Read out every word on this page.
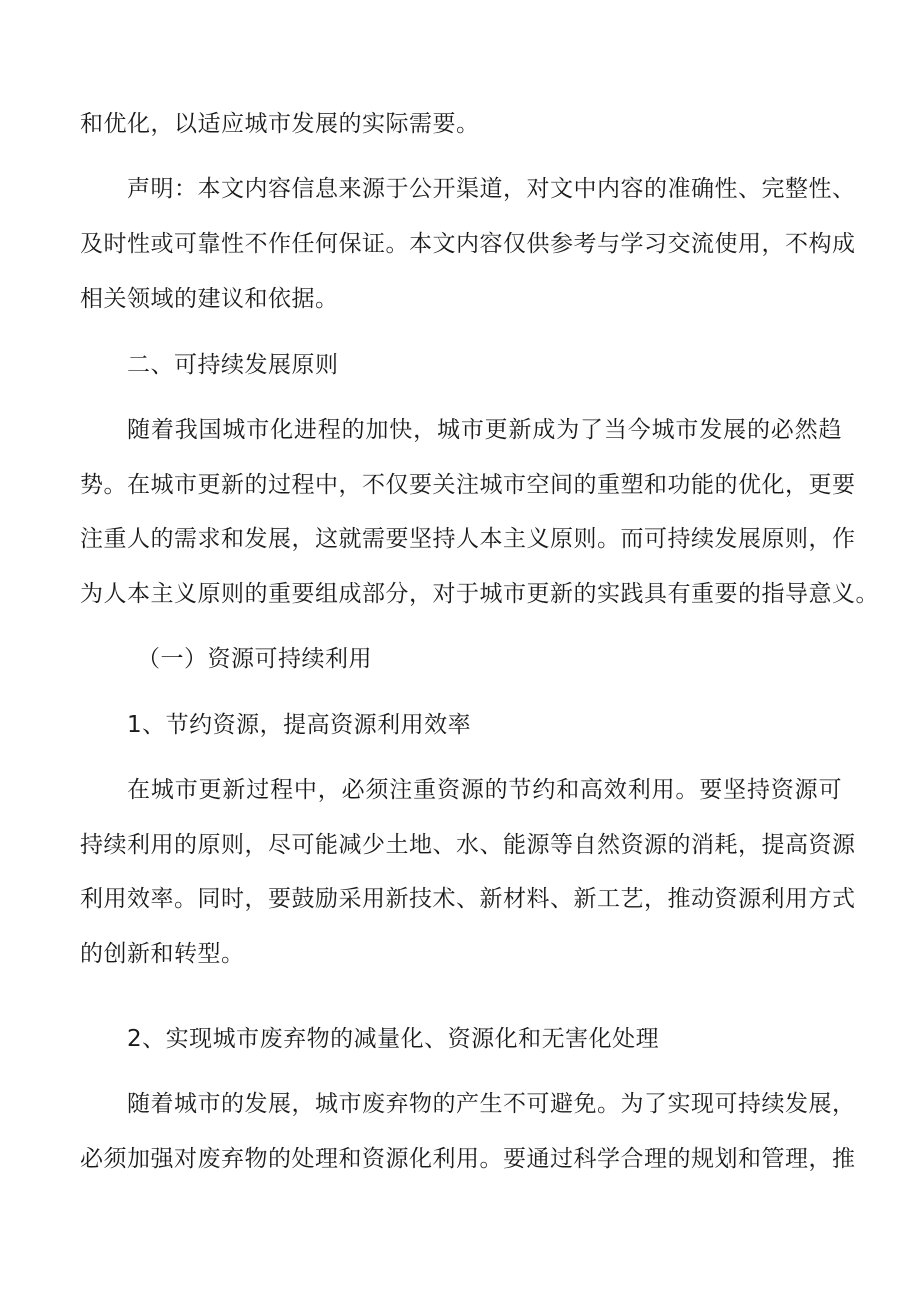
和优化，以适应城市发展的实际需要。
声明：本文内容信息来源于公开渠道，对文中内容的准确性、完整性、
及时性或可靠性不作任何保证。本文内容仅供参考与学习交流使用，不构成
相关领域的建议和依据。
二、可持续发展原则
随着我国城市化进程的加快，城市更新成为了当今城市发展的必然趋
势。在城市更新的过程中，不仅要关注城市空间的重塑和功能的优化，更要
注重人的需求和发展，这就需要坚持人本主义原则。而可持续发展原则，作
为人本主义原则的重要组成部分，对于城市更新的实践具有重要的指导意义。
（一）资源可持续利用
1、节约资源，提高资源利用效率
在城市更新过程中，必须注重资源的节约和高效利用。要坚持资源可
持续利用的原则，尽可能减少土地、水、能源等自然资源的消耗，提高资源
利用效率。同时，要鼓励采用新技术、新材料、新工艺，推动资源利用方式
的创新和转型。
2、实现城市废弃物的减量化、资源化和无害化处理
随着城市的发展，城市废弃物的产生不可避免。为了实现可持续发展，
必须加强对废弃物的处理和资源化利用。要通过科学合理的规划和管理，推
